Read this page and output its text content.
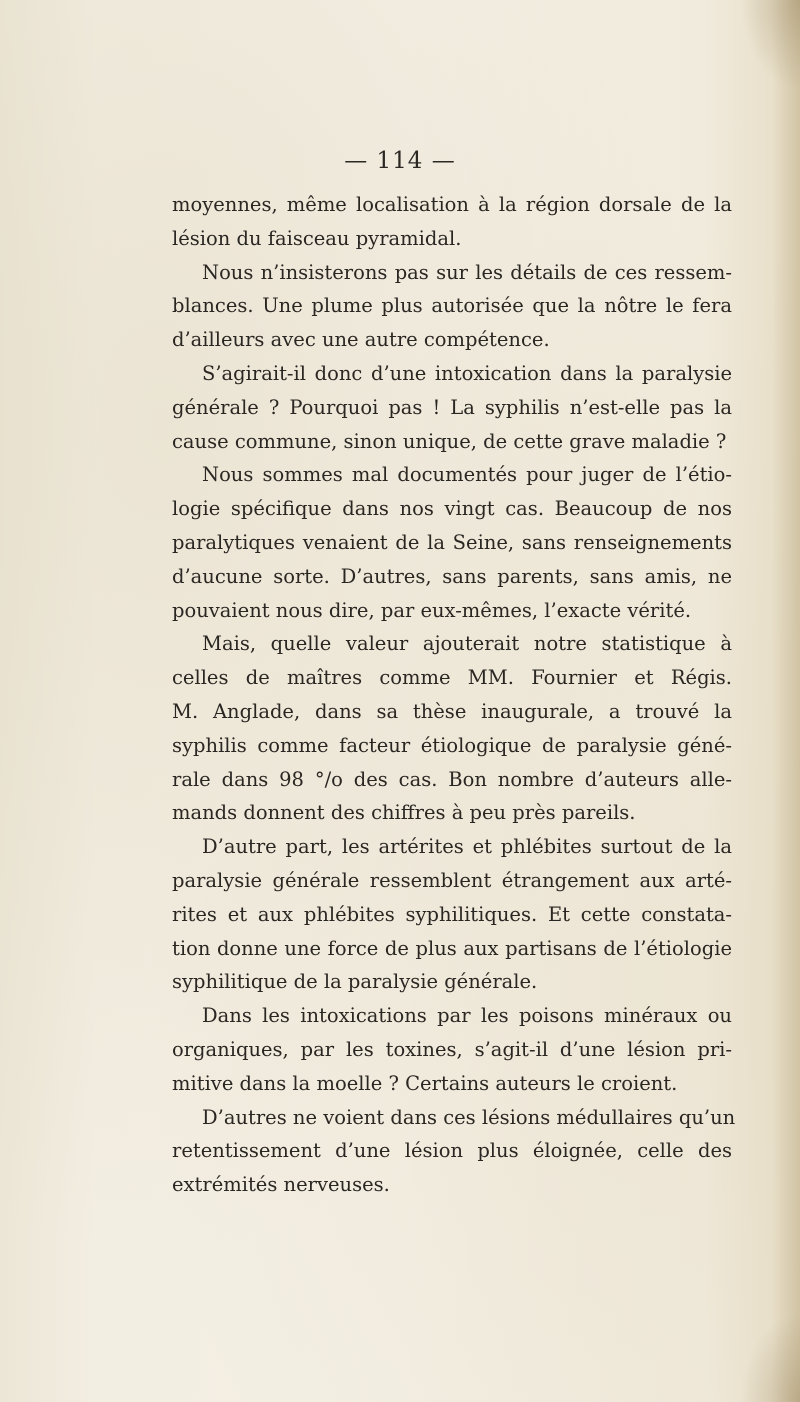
— 114 —
moyennes, même localisation à la région dorsale de la
lésion du faisceau pyramidal.
Nous n’insisterons pas sur les détails de ces ressem-
blances. Une plume plus autorisée que la nôtre le fera
d’ailleurs avec une autre compétence.
S’agirait-il donc d’une intoxication dans la paralysie
générale ? Pourquoi pas ! La syphilis n’est-elle pas la
cause commune, sinon unique, de cette grave maladie ?
Nous sommes mal documentés pour juger de l’étio-
logie spécifique dans nos vingt cas. Beaucoup de nos
paralytiques venaient de la Seine, sans renseignements
d’aucune sorte. D’autres, sans parents, sans amis, ne
pouvaient nous dire, par eux-mêmes, l’exacte vérité.
Mais, quelle valeur ajouterait notre statistique à
celles de maîtres comme MM. Fournier et Régis.
M. Anglade, dans sa thèse inaugurale, a trouvé la
syphilis comme facteur étiologique de paralysie géné-
rale dans 98 °/o des cas. Bon nombre d’auteurs alle-
mands donnent des chiffres à peu près pareils.
D’autre part, les artérites et phlébites surtout de la
paralysie générale ressemblent étrangement aux arté-
rites et aux phlébites syphilitiques. Et cette constata-
tion donne une force de plus aux partisans de l’étiologie
syphilitique de la paralysie générale.
Dans les intoxications par les poisons minéraux ou
organiques, par les toxines, s’agit-il d’une lésion pri-
mitive dans la moelle ? Certains auteurs le croient.
D’autres ne voient dans ces lésions médullaires qu’un
retentissement d’une lésion plus éloignée, celle des
extrémités nerveuses.
